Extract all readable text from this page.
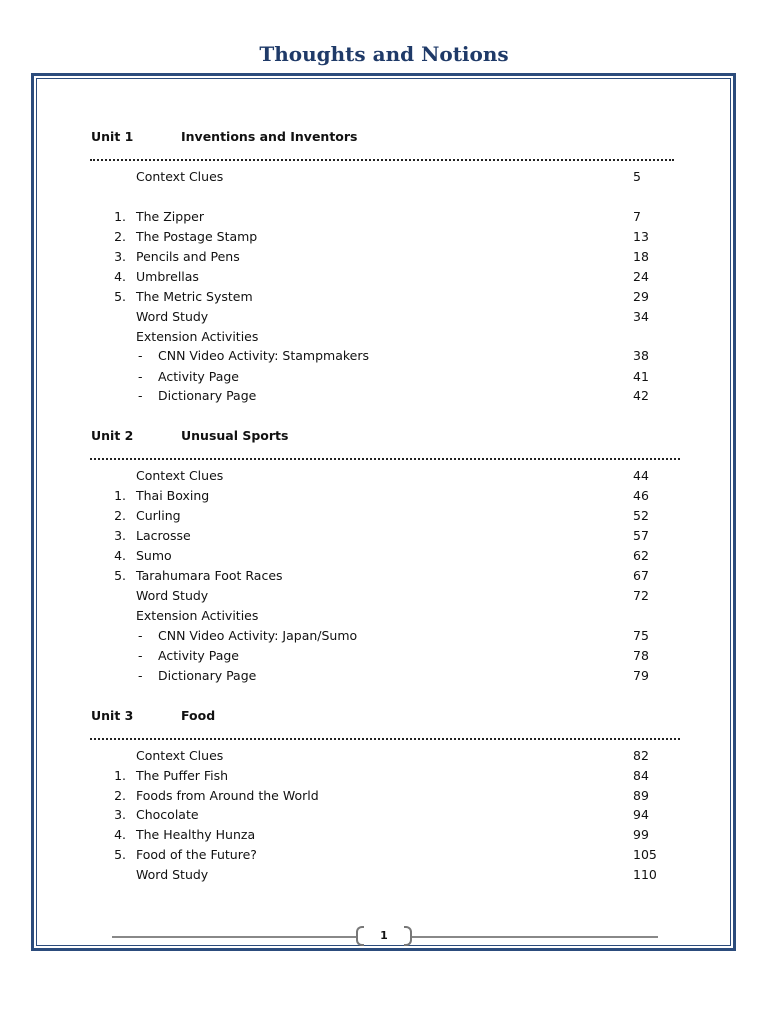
Thoughts and Notions
Unit 1	Inventions and Inventors
Context Clues	5
1. The Zipper	7
2. The Postage Stamp	13
3. Pencils and Pens	18
4. Umbrellas	24
5. The Metric System	29
Word Study	34
Extension Activities
- CNN Video Activity: Stampmakers	38
- Activity Page	41
- Dictionary Page	42
Unit 2	Unusual Sports
Context Clues	44
1. Thai Boxing	46
2. Curling	52
3. Lacrosse	57
4. Sumo	62
5. Tarahumara Foot Races	67
Word Study	72
Extension Activities
- CNN Video Activity: Japan/Sumo	75
- Activity Page	78
- Dictionary Page	79
Unit 3	Food
Context Clues	82
1. The Puffer Fish	84
2. Foods from Around the World	89
3. Chocolate	94
4. The Healthy Hunza	99
5. Food of the Future?	105
Word Study	110
1
